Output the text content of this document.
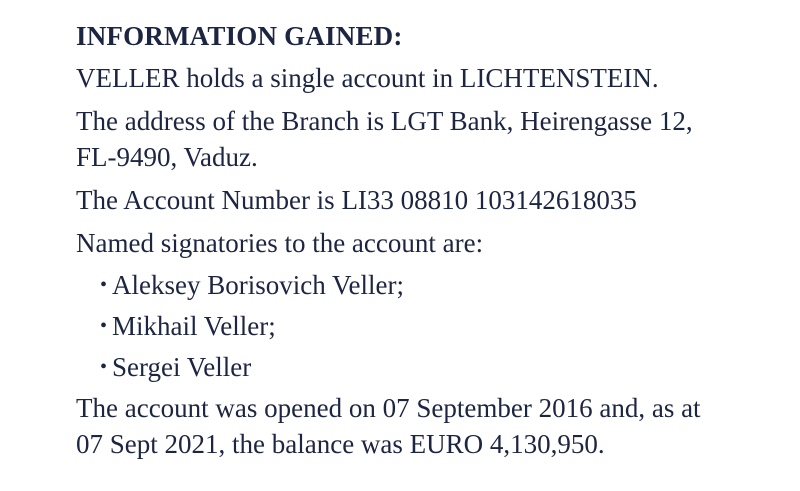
INFORMATION GAINED:
VELLER holds a single account in LICHTENSTEIN.
The address of the Branch is LGT Bank, Heirengasse 12,
FL-9490, Vaduz.
The Account Number is LI33 08810 103142618035
Named signatories to the account are:
• Aleksey Borisovich Veller;
• Mikhail Veller;
• Sergei Veller
The account was opened on 07 September 2016 and, as at
07 Sept 2021, the balance was EURO 4,130,950.
